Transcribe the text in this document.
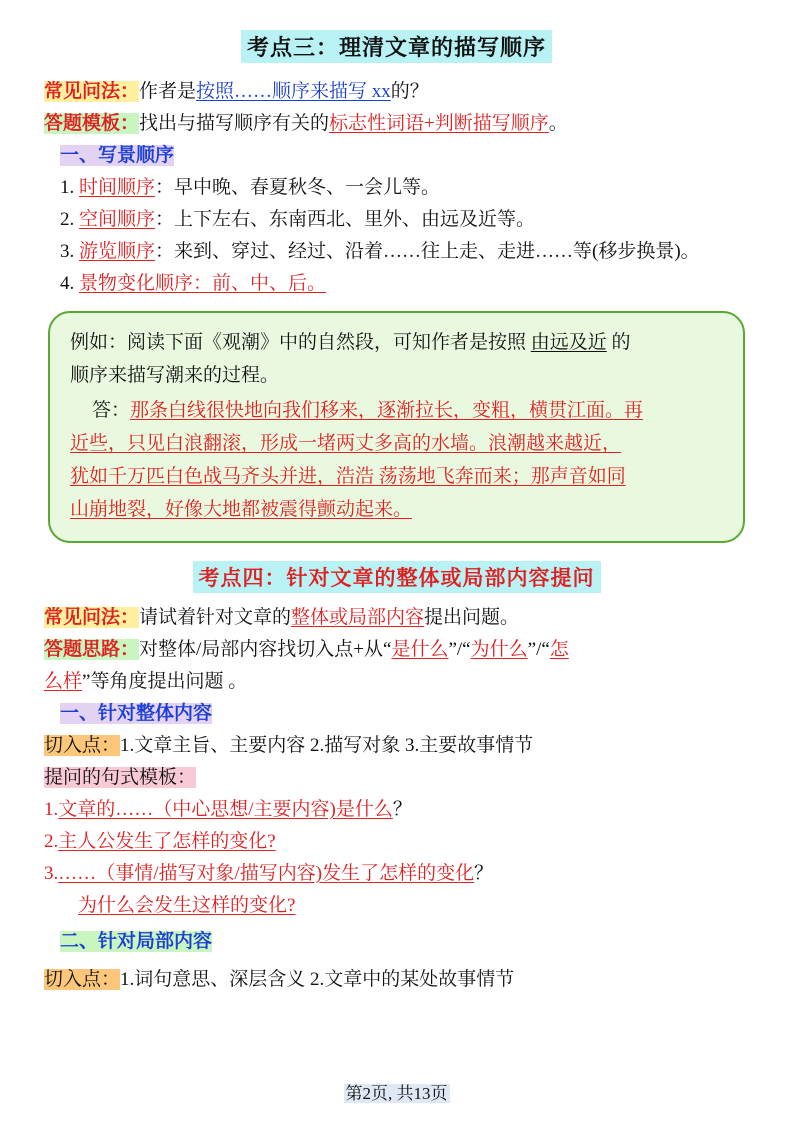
考点三：理清文章的描写顺序

常见问法：作者是按照……顺序来描写 xx的？

答题模板：找出与描写顺序有关的标志性词语+判断描写顺序。

一、写景顺序

1. 时间顺序：早中晚、春夏秋冬、一会儿等。

2. 空间顺序：上下左右、东南西北、里外、由远及近等。

3. 游览顺序：来到、穿过、经过、沿着……往上走、走进……等(移步换景)。

4. 景物变化顺序：前、中、后。

例如：阅读下面《观潮》中的自然段，可知作者是按照 由远及近 的

顺序来描写潮来的过程。

答：那条白线很快地向我们移来，逐渐拉长，变粗，横贯江面。再

近些，只见白浪翻滚，形成一堵两丈多高的水墙。浪潮越来越近，

犹如千万匹白色战马齐头并进，浩浩 荡荡地飞奔而来；那声音如同

山崩地裂，好像大地都被震得颤动起来。

考点四：针对文章的整体或局部内容提问

常见问法：请试着针对文章的整体或局部内容提出问题。

答题思路：对整体/局部内容找切入点+从“是什么”/“为什么”/“怎

么样”等角度提出问题 。

一、针对整体内容

切入点：1.文章主旨、主要内容 2.描写对象 3.主要故事情节

提问的句式模板：

1.文章的……（中心思想/主要内容)是什么？

2.主人公发生了怎样的变化?

3.……（事情/描写对象/描写内容)发生了怎样的变化？

为什么会发生这样的变化?

二、针对局部内容

切入点：1.词句意思、深层含义 2.文章中的某处故事情节

第2页, 共13页
